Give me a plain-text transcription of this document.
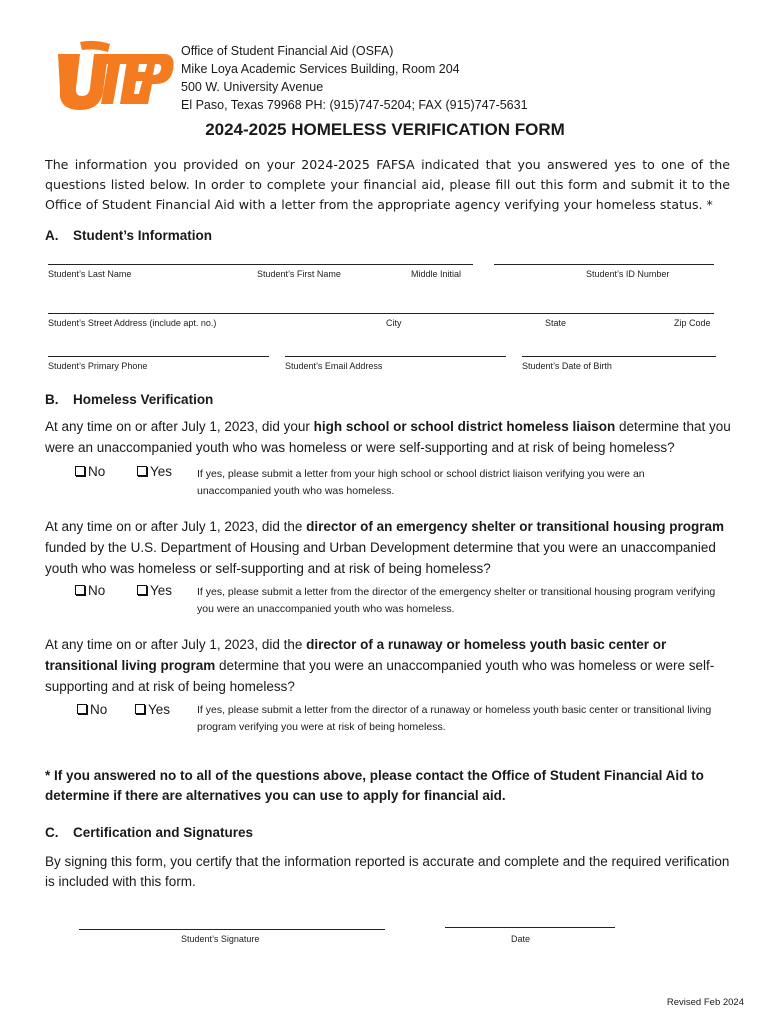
Office of Student Financial Aid (OSFA)
Mike Loya Academic Services Building, Room 204
500 W. University Avenue
El Paso, Texas 79968 PH: (915)747-5204; FAX (915)747-5631
2024-2025 HOMELESS VERIFICATION FORM
The information you provided on your 2024-2025 FAFSA indicated that you answered yes to one of the questions listed below. In order to complete your financial aid, please fill out this form and submit it to the Office of Student Financial Aid with a letter from the appropriate agency verifying your homeless status. *
A. Student’s Information
Student’s Last Name	Student’s First Name	Middle Initial	Student’s ID Number
Student’s Street Address (include apt. no.)	City	State	Zip Code
Student’s Primary Phone	Student’s Email Address	Student’s Date of Birth
B. Homeless Verification
At any time on or after July 1, 2023, did your high school or school district homeless liaison determine that you were an unaccompanied youth who was homeless or were self-supporting and at risk of being homeless?
No	Yes If yes, please submit a letter from your high school or school district liaison verifying you were an unaccompanied youth who was homeless.
At any time on or after July 1, 2023, did the director of an emergency shelter or transitional housing program funded by the U.S. Department of Housing and Urban Development determine that you were an unaccompanied youth who was homeless or self-supporting and at risk of being homeless?
No	Yes If yes, please submit a letter from the director of the emergency shelter or transitional housing program verifying you were an unaccompanied youth who was homeless.
At any time on or after July 1, 2023, did the director of a runaway or homeless youth basic center or transitional living program determine that you were an unaccompanied youth who was homeless or were self-supporting and at risk of being homeless?
No	Yes	If yes, please submit a letter from the director of a runaway or homeless youth basic center or transitional living program verifying you were at risk of being homeless.
* If you answered no to all of the questions above, please contact the Office of Student Financial Aid to determine if there are alternatives you can use to apply for financial aid.
C. Certification and Signatures
By signing this form, you certify that the information reported is accurate and complete and the required verification is included with this form.
Student’s Signature	Date
Revised Feb 2024
